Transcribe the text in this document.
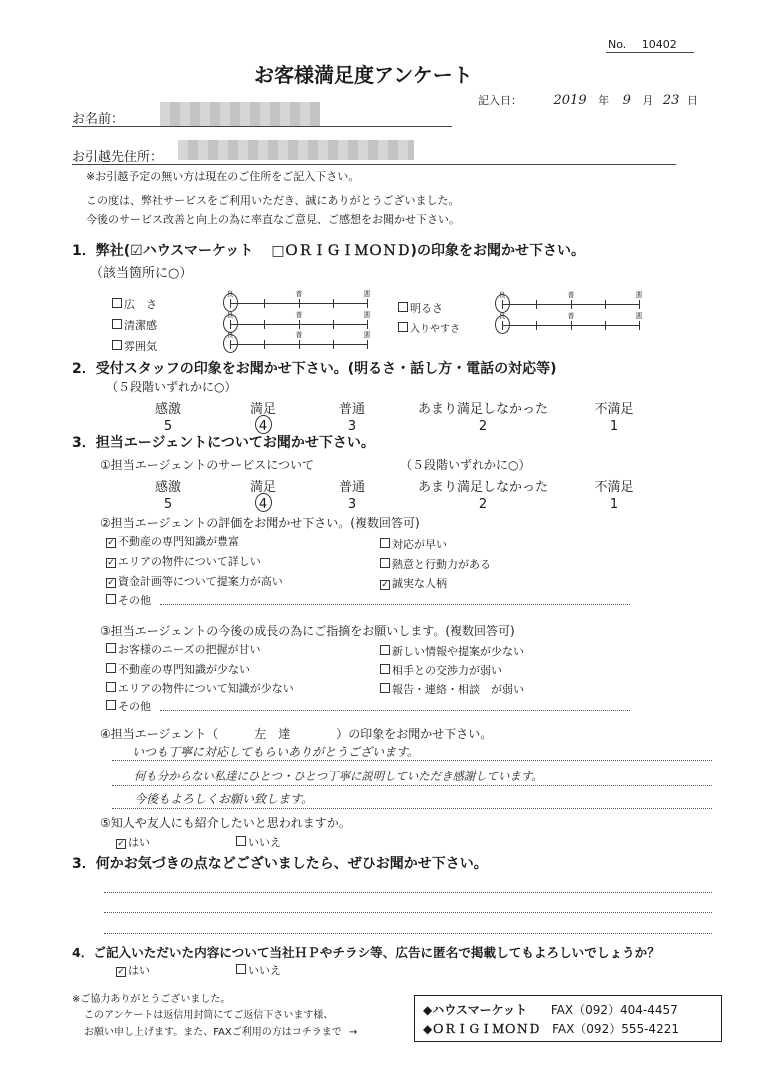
No. 10402
お客様満足度アンケート
記入日： 2019 年 9 月 23 日
お名前：
お引越先住所：
※お引越予定の無い方は現在のご住所をご記入下さい。
この度は、弊社サービスをご利用いただき、誠にありがとうございました。
今後のサービス改善と向上の為に率直なご意見、ご感想をお聞かせ下さい。
1．弊社(☑ハウスマーケット □ＯＲＩＧＩＭＯＮＤ)の印象をお聞かせ下さい。
（該当箇所に○）
広　さ
清潔感
雰囲気
良	普	悪
良	普	悪
良	普	悪
明るさ
入りやすさ
良	普	悪
良	普	悪
2．受付スタッフの印象をお聞かせ下さい。(明るさ・話し方・電話の対応等)
（５段階いずれかに○）
感激
5
満足
4
普通
3
あまり満足しなかった
2
不満足
1
3．担当エージェントについてお聞かせ下さい。
①担当エージェントのサービスについて	（５段階いずれかに○）
感激
5
満足
4
普通
3
あまり満足しなかった
2
不満足
1
②担当エージェントの評価をお聞かせ下さい。(複数回答可)
✓ 不動産の専門知識が豊富	対応が早い
✓ エリアの物件について詳しい	熱意と行動力がある
✓ 資金計画等について提案力が高い	✓ 誠実な人柄
その他
③担当エージェントの今後の成長の為にご指摘をお願いします。(複数回答可)
お客様のニーズの把握が甘い	新しい情報や提案が少ない
不動産の専門知識が少ない	相手との交渉力が弱い
エリアの物件について知識が少ない	報告・連絡・相談　が弱い
その他
④担当エージェント（	左　達	）の印象をお聞かせ下さい。
いつも丁寧に対応してもらいありがとうございます。
何も分からない私達にひとつ・ひとつ丁寧に説明していただき感謝しています。
今後もよろしくお願い致します。
⑤知人や友人にも紹介したいと思われますか。
✓ はい	いいえ
3．何かお気づきの点などございましたら、ぜひお聞かせ下さい。
4．ご記入いただいた内容について当社ＨＰやチラシ等、広告に匿名で掲載してもよろしいでしょうか？
✓ はい	いいえ
※ご協力ありがとうございました。
このアンケートは返信用封筒にてご返信下さいます様、
お願い申し上げます。また、FAXご利用の方はコチラまで →
◆ハウスマーケット FAX（092）404-4457
◆ＯＲＩＧＩＭＯＮＤ FAX（092）555-4221
